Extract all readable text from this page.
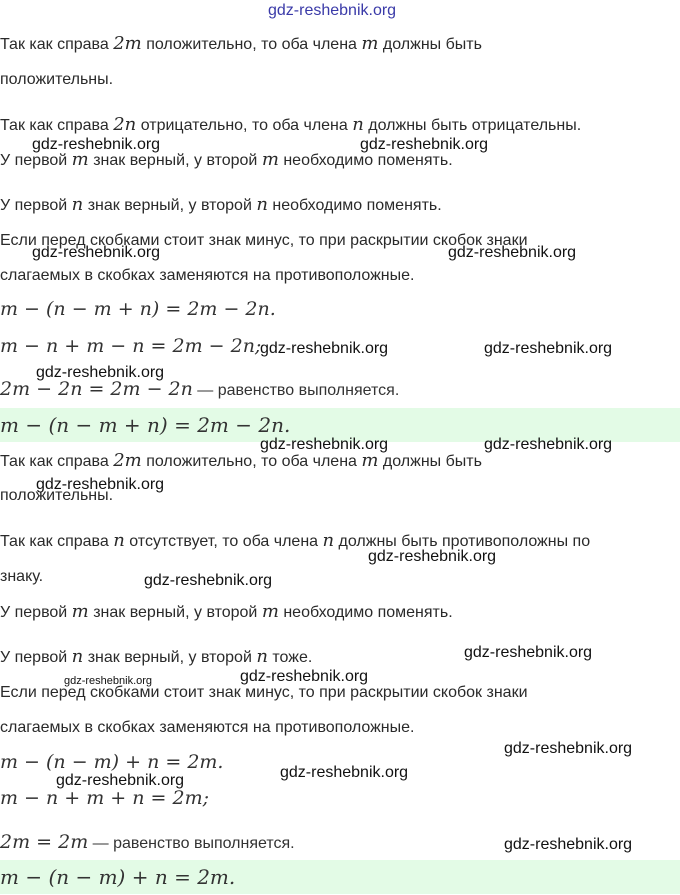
gdz-reshebnik.org
Так как справа 2m положительно, то оба члена m должны быть
положительны.
Так как справа 2n отрицательно, то оба члена n должны быть отрицательны.
У первой m знак верный, у второй m необходимо поменять.
У первой n знак верный, у второй n необходимо поменять.
Если перед скобками стоит знак минус, то при раскрытии скобок знаки
слагаемых в скобках заменяются на противоположные.
m − (n − m + n) = 2m − 2n.
m − n + m − n = 2m − 2n;
2m − 2n = 2m − 2n — равенство выполняется.
m − (n − m + n) = 2m − 2n.
Так как справа 2m положительно, то оба члена m должны быть
положительны.
Так как справа n отсутствует, то оба члена n должны быть противоположны по
знаку.
У первой m знак верный, у второй m необходимо поменять.
У первой n знак верный, у второй n тоже.
Если перед скобками стоит знак минус, то при раскрытии скобок знаки
слагаемых в скобках заменяются на противоположные.
m − (n − m) + n = 2m.
m − n + m + n = 2m;
2m = 2m — равенство выполняется.
m − (n − m) + n = 2m.
gdz-reshebnik.org	gdz-reshebnik.org
gdz-reshebnik.org	gdz-reshebnik.org
gdz-reshebnik.org	gdz-reshebnik.org
gdz-reshebnik.org
gdz-reshebnik.org	gdz-reshebnik.org
gdz-reshebnik.org
gdz-reshebnik.org
gdz-reshebnik.org
gdz-reshebnik.org
gdz-reshebnik.org	gdz-reshebnik.org
gdz-reshebnik.org
gdz-reshebnik.org
gdz-reshebnik.org
gdz-reshebnik.org
